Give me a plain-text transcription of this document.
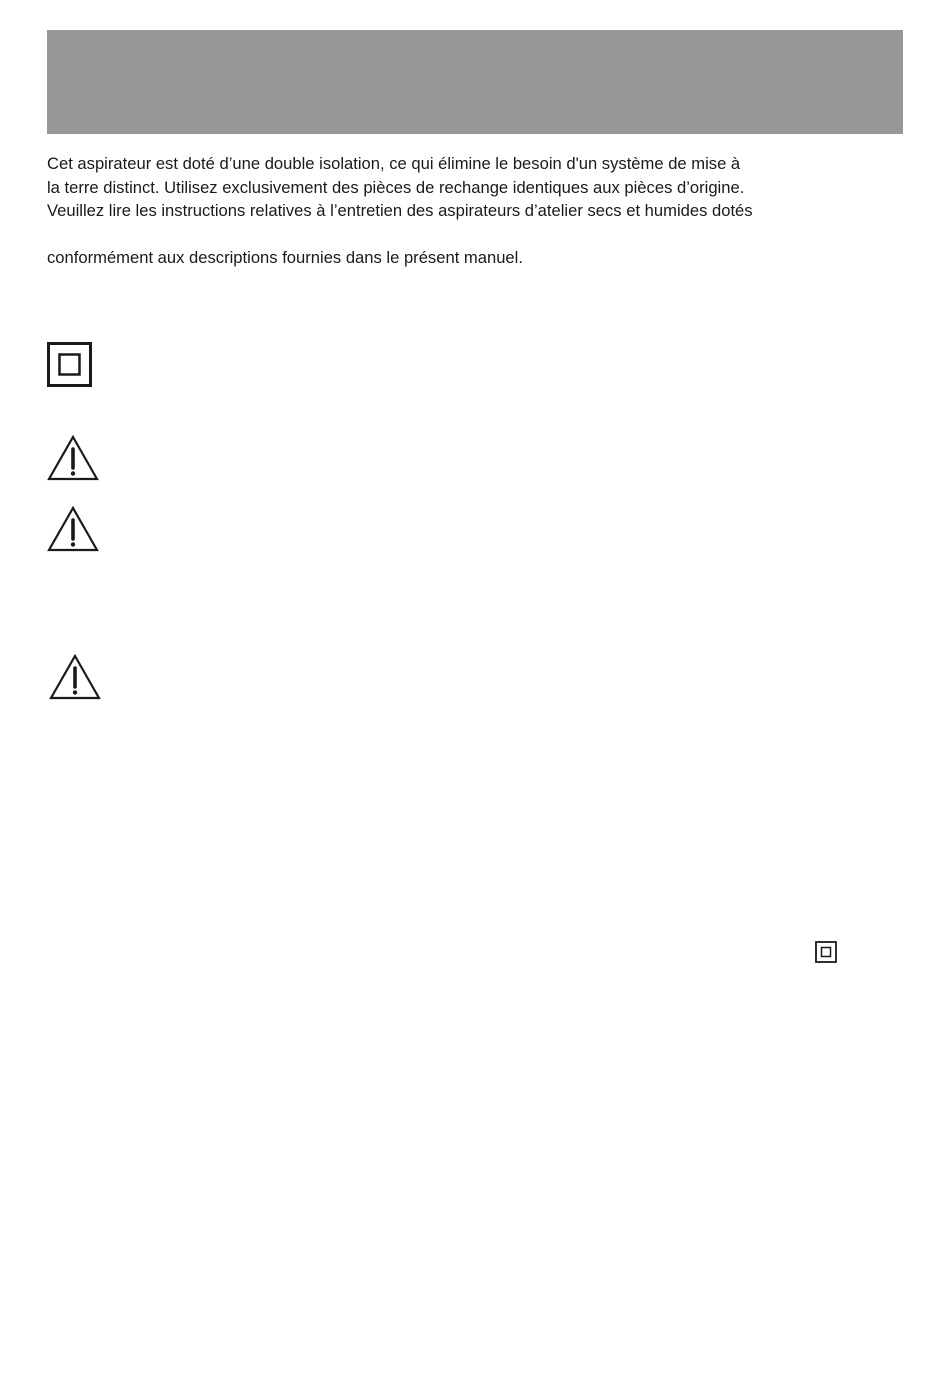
Cet aspirateur est doté d’une double isolation, ce qui élimine le besoin d'un système de mise à
la terre distinct. Utilisez exclusivement des pièces de rechange identiques aux pièces d’origine.
Veuillez lire les instructions relatives à l’entretien des aspirateurs d’atelier secs et humides dotés
conformément aux descriptions fournies dans le présent manuel.
